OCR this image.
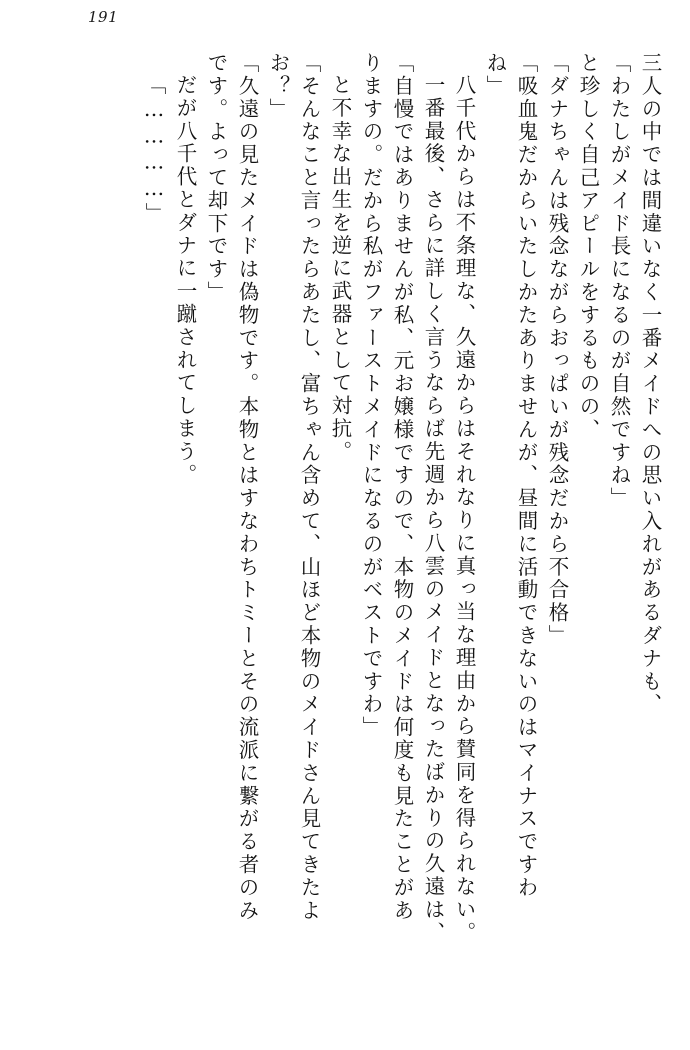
191
三人の中では間違いなく一番メイドへの思い入れがあるダナも、
「わたしがメイド長になるのが自然ですね」
と珍しく自己アピールをするものの、
「ダナちゃんは残念ながらおっぱいが残念だから不合格」
「吸血鬼だからいたしかたありませんが、昼間に活動できないのはマイナスですわ
ね」
八千代からは不条理な、久遠からはそれなりに真っ当な理由から賛同を得られない。
一番最後、さらに詳しく言うならば先週から八雲のメイドとなったばかりの久遠は、
「自慢ではありませんが私、元お嬢様ですので、本物のメイドは何度も見たことがあ
りますの。だから私がファーストメイドになるのがベストですわ」
と不幸な出生を逆に武器として対抗。
「そんなこと言ったらあたし、富ちゃん含めて、山ほど本物のメイドさん見てきたよ
お？」
「久遠の見たメイドは偽物です。本物とはすなわちトミーとその流派に繋がる者のみ
です。よって却下です」
だが八千代とダナに一蹴されてしまう。
「…………」
